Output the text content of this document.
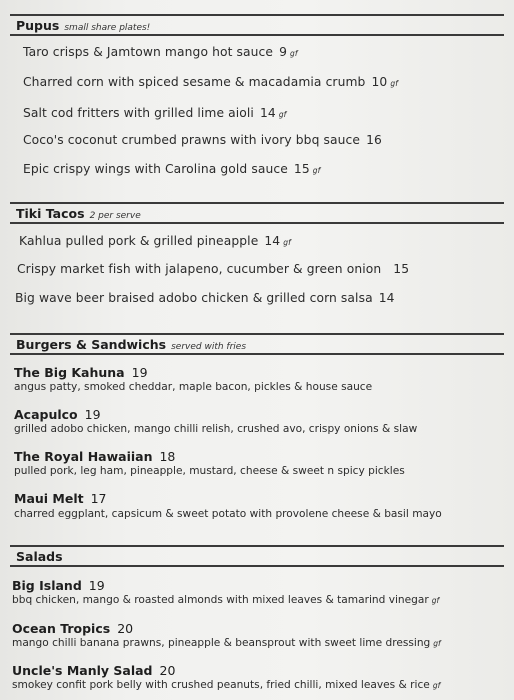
Pupus small share plates!
Taro crisps & Jamtown mango hot sauce 9 gf
Charred corn with spiced sesame & macadamia crumb 10 gf
Salt cod fritters with grilled lime aioli 14 gf
Coco's coconut crumbed prawns with ivory bbq sauce 16
Epic crispy wings with Carolina gold sauce 15 gf
Tiki Tacos 2 per serve
Kahlua pulled pork & grilled pineapple 14 gf
Crispy market fish with jalapeno, cucumber & green onion 15
Big wave beer braised adobo chicken & grilled corn salsa 14
Burgers & Sandwichs served with fries
The Big Kahuna 19
angus patty, smoked cheddar, maple bacon, pickles & house sauce
Acapulco 19
grilled adobo chicken, mango chilli relish, crushed avo, crispy onions & slaw
The Royal Hawaiian 18
pulled pork, leg ham, pineapple, mustard, cheese & sweet n spicy pickles
Maui Melt 17
charred eggplant, capsicum & sweet potato with provolene cheese & basil mayo
Salads
Big Island 19
bbq chicken, mango & roasted almonds with mixed leaves & tamarind vinegar gf
Ocean Tropics 20
mango chilli banana prawns, pineapple & beansprout with sweet lime dressing gf
Uncle's Manly Salad 20
smokey confit pork belly with crushed peanuts, fried chilli, mixed leaves & rice gf
